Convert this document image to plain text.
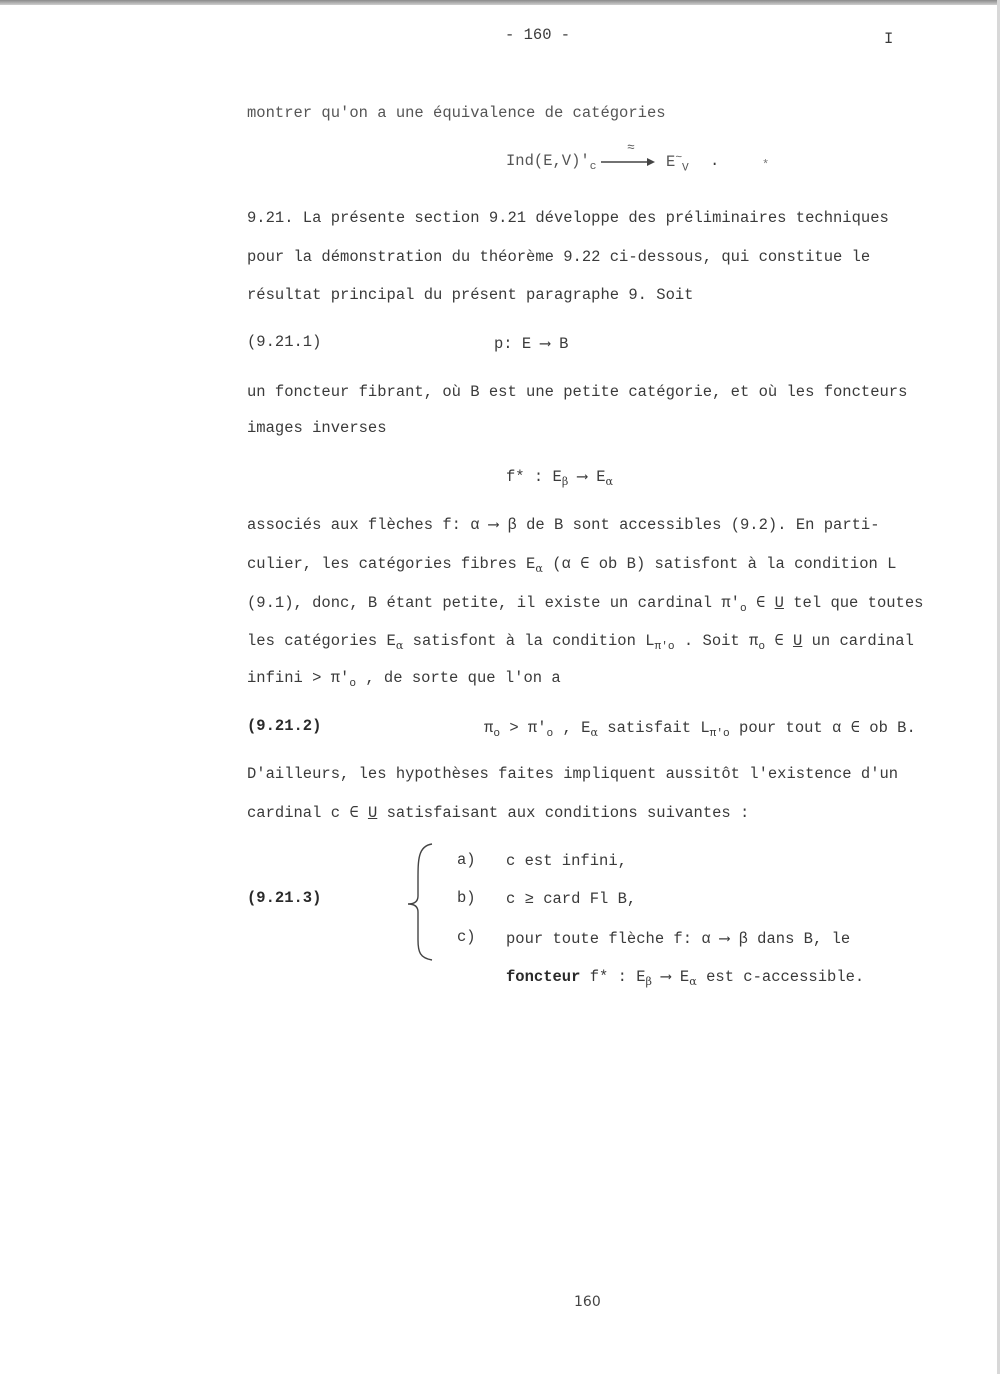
- 160 -	I
montrer qu'on a une équivalence de catégories
$Ind(E,V)'_c$
≈
$E^\sim_V$ .	*
9.21. La présente section 9.21 développe des préliminaires techniques
pour la démonstration du théorème 9.22 ci-dessous, qui constitue le
résultat principal du présent paragraphe 9. Soit
(9.21.1)	p: E ⟶ B
un foncteur fibrant, où B est une petite catégorie, et où les foncteurs
images inverses
f* : $E_\beta$ ⟶ $E_\alpha$
associés aux flèches f: α ⟶ β de B sont accessibles (9.2). En parti-
culier, les catégories fibres $E_\alpha$ (α ∈ ob B) satisfont à la condition L
(9.1), donc, B étant petite, il existe un cardinal $\pi'_o$ ∈ U tel que toutes
les catégories $E_\alpha$ satisfont à la condition $L_{\pi'o}$ . Soit $\pi_o$ ∈ U un cardinal
infini > $\pi'_o$ , de sorte que l'on a
(9.21.2)	$\pi_o > \pi'_o$ , $E_\alpha$ satisfait $L_{\pi'o}$ pour tout α ∈ ob B.
D'ailleurs, les hypothèses faites impliquent aussitôt l'existence d'un
cardinal c ∈ U satisfaisant aux conditions suivantes :
(9.21.3)
a) c est infini,
b) c ≥ card Fl B,
c) pour toute flèche f: α ⟶ β dans B, le
foncteur f* : $E_\beta$ ⟶ $E_\alpha$ est c-accessible.
160
